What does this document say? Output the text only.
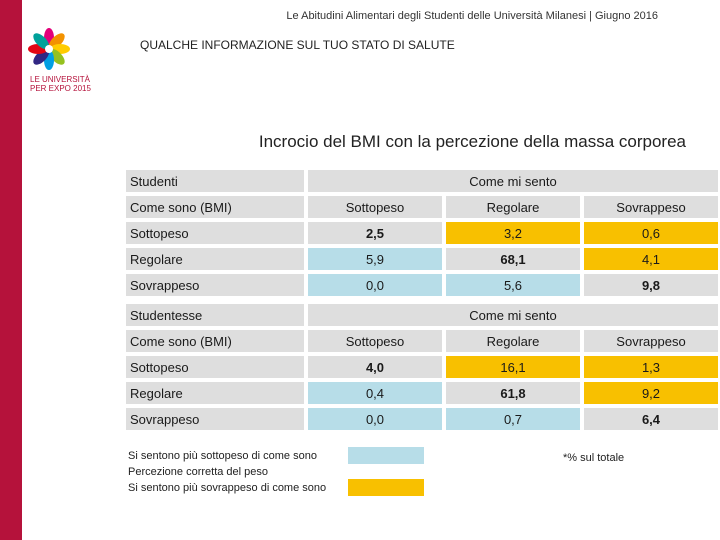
LE UNIVERSITÀ
PER EXPO 2015
Le Abitudini Alimentari degli Studenti delle Università Milanesi | Giugno 2016
QUALCHE INFORMAZIONE SUL TUO STATO DI SALUTE
Incrocio del BMI con la percezione della massa corporea
Studenti		Come mi sento				
Come sono (BMI)		Sottopeso		Regolare		Sovrappeso
Sottopeso		2,5		3,2		0,6
Regolare		5,9		68,1		4,1
Sovrappeso		0,0		5,6		9,8
Studentesse		Come mi sento				
Come sono (BMI)		Sottopeso		Regolare		Sovrappeso
Sottopeso		4,0		16,1		1,3
Regolare		0,4		61,8		9,2
Sovrappeso		0,0		0,7		6,4
Si sentono più sottopeso di come sono
Percezione corretta del peso
Si sentono più sovrappeso di come sono
*% sul totale
